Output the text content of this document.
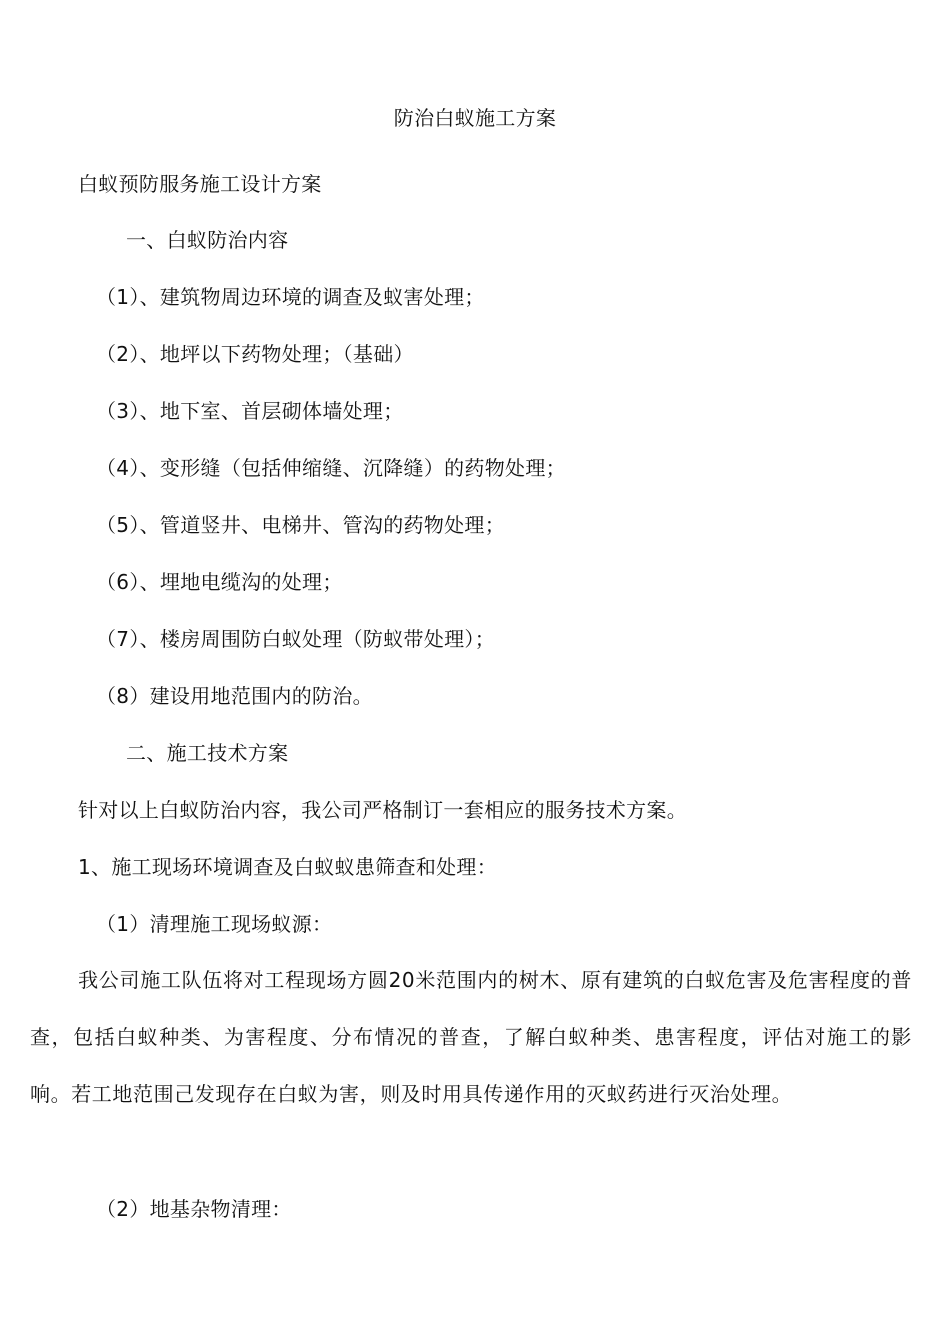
防治白蚁施工方案
白蚁预防服务施工设计方案
一、白蚁防治内容
（1）、建筑物周边环境的调查及蚁害处理；
（2）、地坪以下药物处理；（基础）
（3）、地下室、首层砌体墙处理；
（4）、变形缝（包括伸缩缝、沉降缝）的药物处理；
（5）、管道竖井、电梯井、管沟的药物处理；
（6）、埋地电缆沟的处理；
（7）、楼房周围防白蚁处理（防蚁带处理）；
（8）建设用地范围内的防治。
二、施工技术方案
针对以上白蚁防治内容，我公司严格制订一套相应的服务技术方案。
1、施工现场环境调查及白蚁蚁患筛查和处理：
（1）清理施工现场蚁源：
我公司施工队伍将对工程现场方圆20米范围内的树木、原有建筑的白蚁危害及危害程度的普查，包括白蚁种类、为害程度、分布情况的普查，了解白蚁种类、患害程度，评估对施工的影响。若工地范围己发现存在白蚁为害，则及时用具传递作用的灭蚁药进行灭治处理。
（2）地基杂物清理：
